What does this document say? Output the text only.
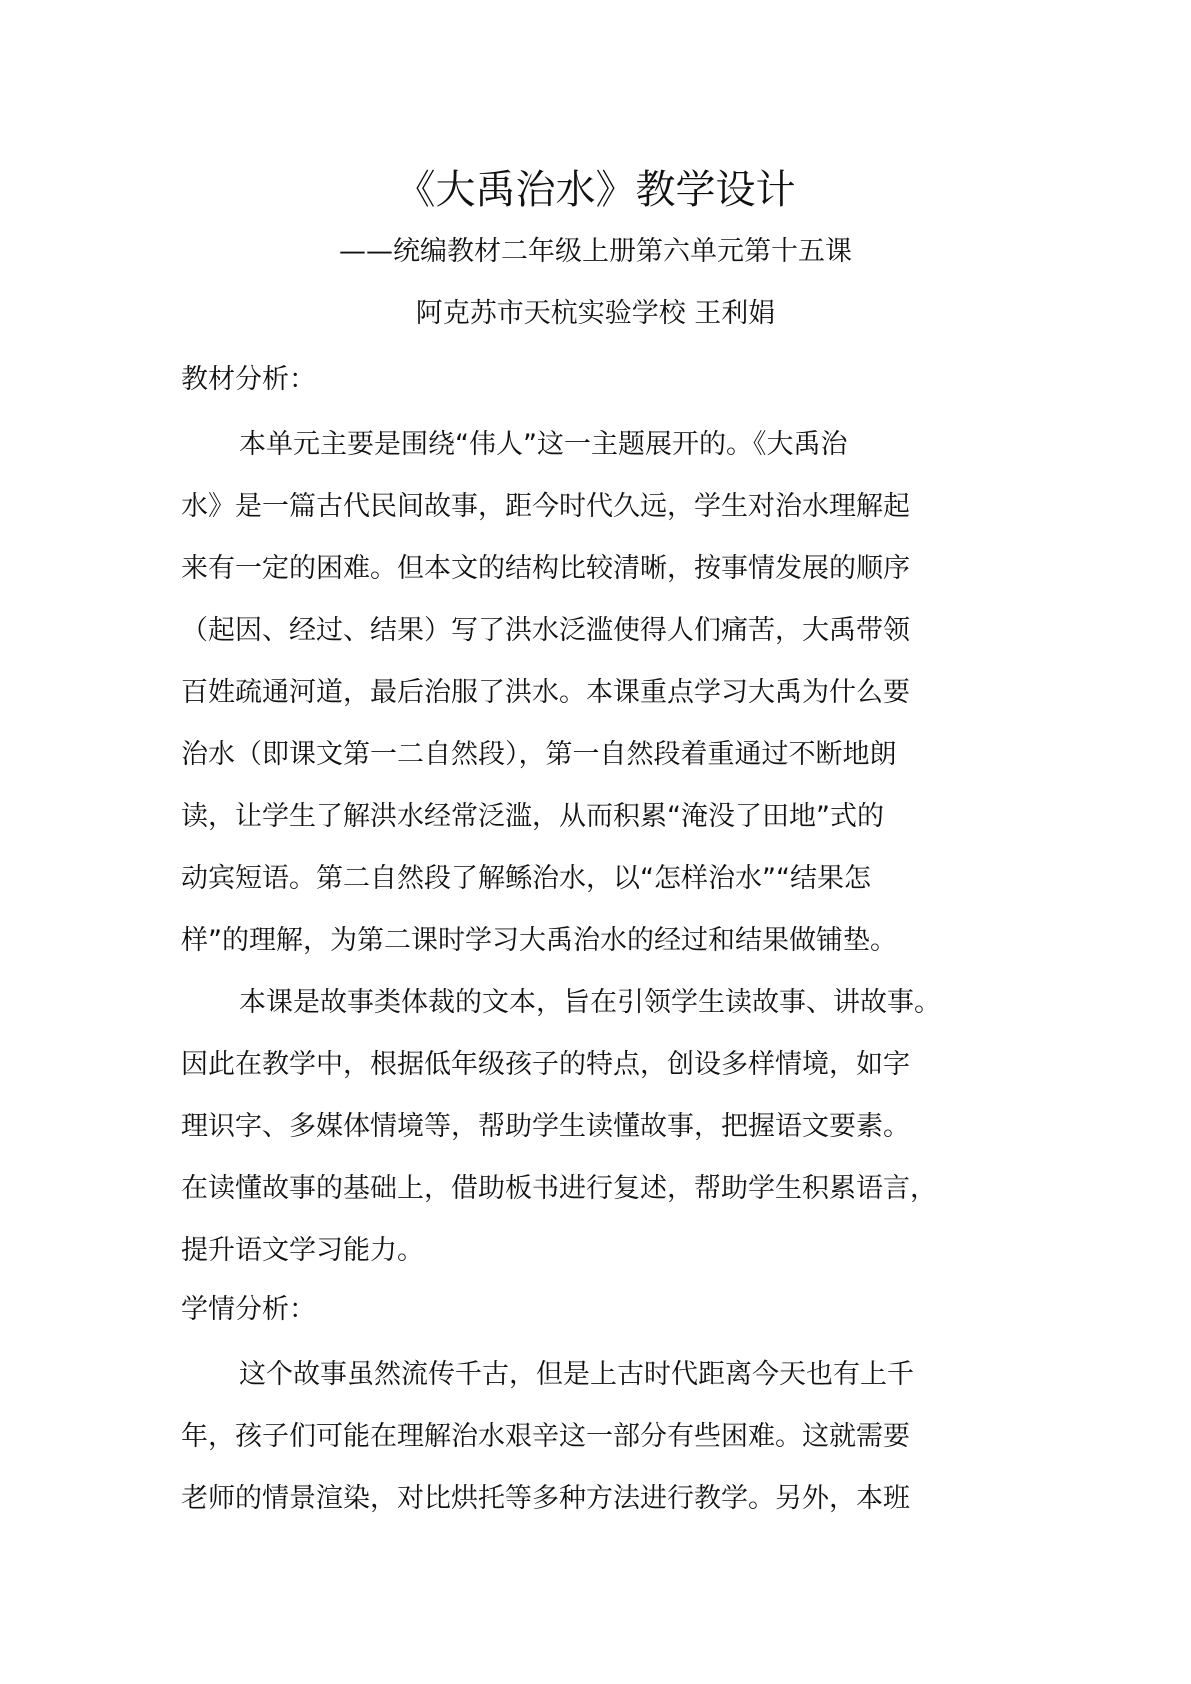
《大禹治水》教学设计
——统编教材二年级上册第六单元第十五课
阿克苏市天杭实验学校 王利娟
教材分析：
本单元主要是围绕“伟人”这一主题展开的。《大禹治
水》是一篇古代民间故事，距今时代久远，学生对治水理解起
来有一定的困难。但本文的结构比较清晰，按事情发展的顺序
（起因、经过、结果）写了洪水泛滥使得人们痛苦，大禹带领
百姓疏通河道，最后治服了洪水。本课重点学习大禹为什么要
治水（即课文第一二自然段），第一自然段着重通过不断地朗
读，让学生了解洪水经常泛滥，从而积累“淹没了田地”式的
动宾短语。第二自然段了解鲧治水，以“怎样治水”“结果怎
样”的理解，为第二课时学习大禹治水的经过和结果做铺垫。
本课是故事类体裁的文本，旨在引领学生读故事、讲故事。
因此在教学中，根据低年级孩子的特点，创设多样情境，如字
理识字、多媒体情境等，帮助学生读懂故事，把握语文要素。
在读懂故事的基础上，借助板书进行复述，帮助学生积累语言，
提升语文学习能力。
学情分析：
这个故事虽然流传千古，但是上古时代距离今天也有上千
年，孩子们可能在理解治水艰辛这一部分有些困难。这就需要
老师的情景渲染，对比烘托等多种方法进行教学。另外，本班
